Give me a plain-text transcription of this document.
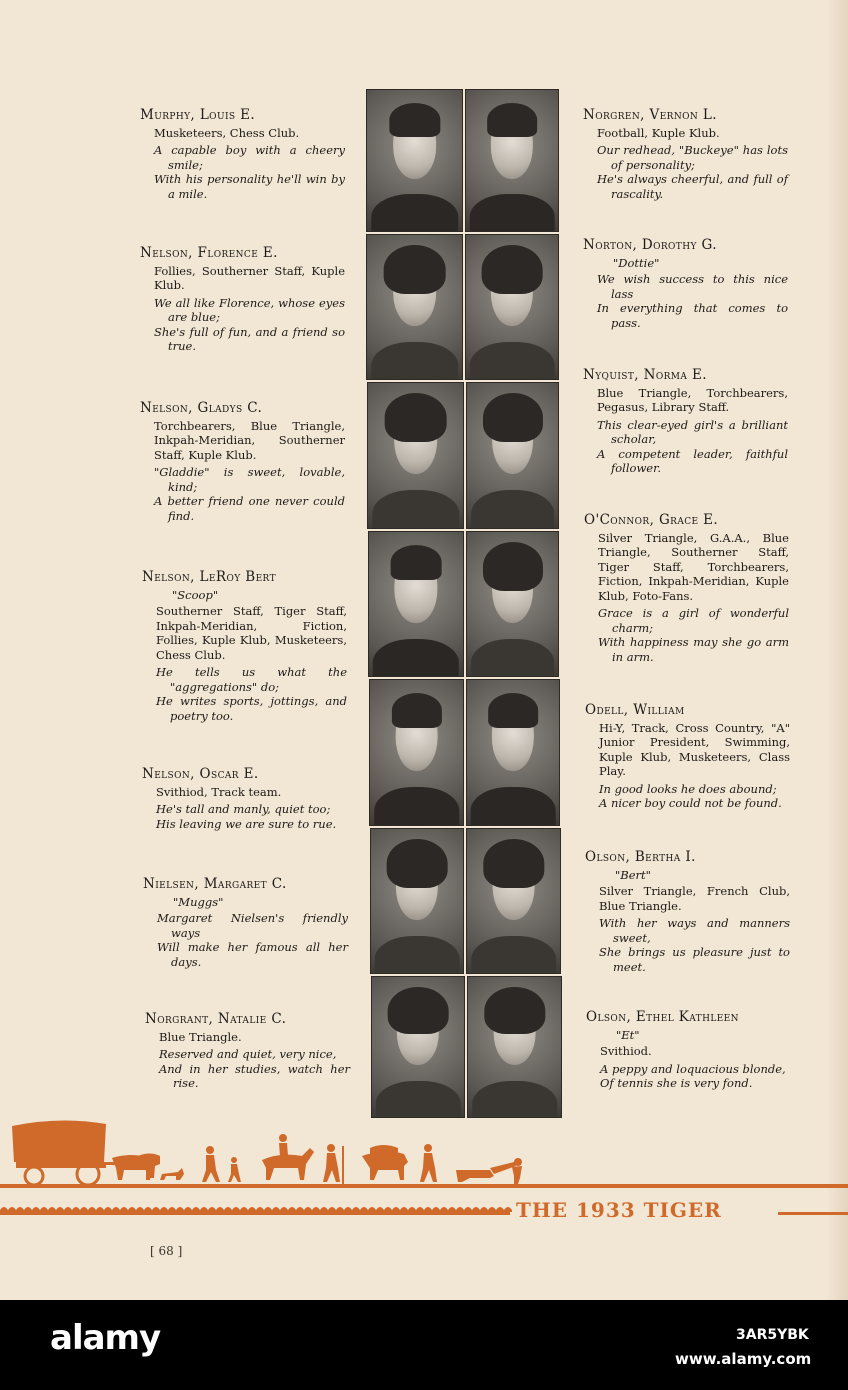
Murphy, Louis E.
Musketeers, Chess Club.
A capable boy with a cheery smile;
With his personality he'll win by a mile.
Nelson, Florence E.
Follies, Southerner Staff, Kuple Klub.
We all like Florence, whose eyes are blue;
She's full of fun, and a friend so true.
Nelson, Gladys C.
Torchbearers, Blue Triangle, Inkpah-Meridian, Southerner Staff, Kuple Klub.
"Gladdie" is sweet, lovable, kind;
A better friend one never could find.
Nelson, LeRoy Bert
"Scoop"
Southerner Staff, Tiger Staff, Inkpah-Meridian, Fiction, Follies, Kuple Klub, Musketeers, Chess Club.
He tells us what the "aggregations" do;
He writes sports, jottings, and poetry too.
Nelson, Oscar E.
Svithiod, Track team.
He's tall and manly, quiet too;
His leaving we are sure to rue.
Nielsen, Margaret C.
"Muggs"
Margaret Nielsen's friendly ways
Will make her famous all her days.
Norgrant, Natalie C.
Blue Triangle.
Reserved and quiet, very nice,
And in her studies, watch her rise.
Norgren, Vernon L.
Football, Kuple Klub.
Our redhead, "Buckeye" has lots of personality;
He's always cheerful, and full of rascality.
Norton, Dorothy G.
"Dottie"
We wish success to this nice lass
In everything that comes to pass.
Nyquist, Norma E.
Blue Triangle, Torchbearers, Pegasus, Library Staff.
This clear-eyed girl's a brilliant scholar,
A competent leader, faithful follower.
O'Connor, Grace E.
Silver Triangle, G.A.A., Blue Triangle, Southerner Staff, Tiger Staff, Torchbearers, Fiction, Inkpah-Meridian, Kuple Klub, Foto-Fans.
Grace is a girl of wonderful charm;
With happiness may she go arm in arm.
Odell, William
Hi-Y, Track, Cross Country, "A" Junior President, Swimming, Kuple Klub, Musketeers, Class Play.
In good looks he does abound;
A nicer boy could not be found.
Olson, Bertha I.
"Bert"
Silver Triangle, French Club, Blue Triangle.
With her ways and manners sweet,
She brings us pleasure just to meet.
Olson, Ethel Kathleen
"Et"
Svithiod.
A peppy and loquacious blonde,
Of tennis she is very fond.
THE 1933 TIGER
[ 68 ]
alamy	3AR5YBK
www.alamy.com
